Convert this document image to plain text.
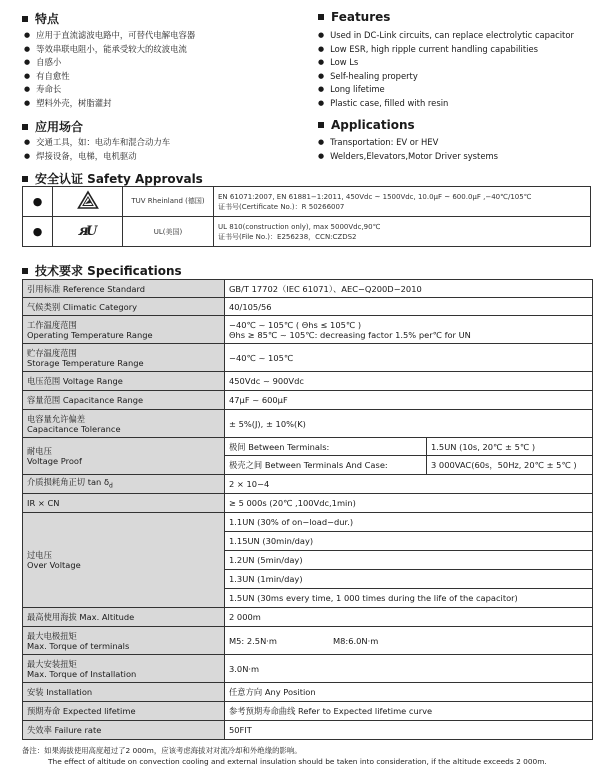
特点	Features
● 应用于直流滤波电路中，可替代电解电容器
● 等效串联电阻小，能承受较大的纹波电流
● 自感小
● 有自愈性
● 寿命长
● 塑料外壳，树脂灌封
● Used in DC-Link circuits, can replace electrolytic capacitor
● Low ESR, high ripple current handling capabilities
● Low Ls
● Self-healing property
● Long lifetime
● Plastic case, filled with resin
应用场合	Applications
● 交通工具，如：电动车和混合动力车
● 焊接设备，电梯，电机驱动
● Transportation: EV or HEV
● Welders,Elevators,Motor Driver systems
安全认证 Safety Approvals
●		TUV Rheinland (德国)	EN 61071:2007, EN 61881−1:2011, 450Vdc ~ 1500Vdc, 10.0μF ~ 600.0μF ,−40℃/105℃
证书号(Certificate No.)：R 50266007

●	ᴙ
U	UL(美国)	UL 810(construction only), max 5000Vdc,90℃
证书号(File No.)：E256238，CCN:CZDS2
技术要求 Specifications
引用标准 Reference Standard	GB/T 17702（IEC 61071）、AEC−Q200D−2010	
气候类别 Climatic Category	40/105/56	

工作温度范围
Operating Temperature Range	−40℃ ~ 105℃ ( Θhs ≤ 105℃ )
Θhs ≥ 85℃ ~ 105℃: decreasing factor 1.5% per℃ for UN	

贮存温度范围
Storage Temperature Range	−40℃ ~ 105℃	
电压范围 Voltage Range	450Vdc ~ 900Vdc	
容量范围 Capacitance Range	47μF ~ 600μF	

电容量允许偏差
Capacitance Tolerance	± 5%(J), ± 10%(K)	

耐电压
Voltage Proof	极间 Between Terminals:	1.5UN (10s, 20℃ ± 5℃ )
	极壳之间 Between Terminals And Case:	3 000VAC(60s，50Hz, 20℃ ± 5℃ )
介质损耗角正切 $\tan \delta_d$	2 × 10−4	
IR × CN	≥ 5 000s (20℃ ,100Vdc,1min)	

过电压
Over Voltage	1.1UN (30% of on−load−dur.)	
	1.15UN (30min/day)	
	1.2UN (5min/day)	
	1.3UN (1min/day)	
	1.5UN (30ms every time, 1 000 times during the life of the capacitor)	
最高使用海拔 Max. Altitude	2 000m	

最大电极扭矩
Max. Torque of terminals	M5: 2.5N·m M8:6.0N·m	

最大安装扭矩
Max. Torque of Installation	3.0N·m	
安装 Installation	任意方向 Any Position	
预期寿命 Expected lifetime	参考预期寿命曲线 Refer to Expected lifetime curve	
失效率 Failure rate	50FIT	
备注：如果海拔使用高度超过了2 000m，应该考虑海拔对对流冷却和外绝缘的影响。
The effect of altitude on convection cooling and external insulation should be taken into consideration, if the altitude exceeds 2 000m.
